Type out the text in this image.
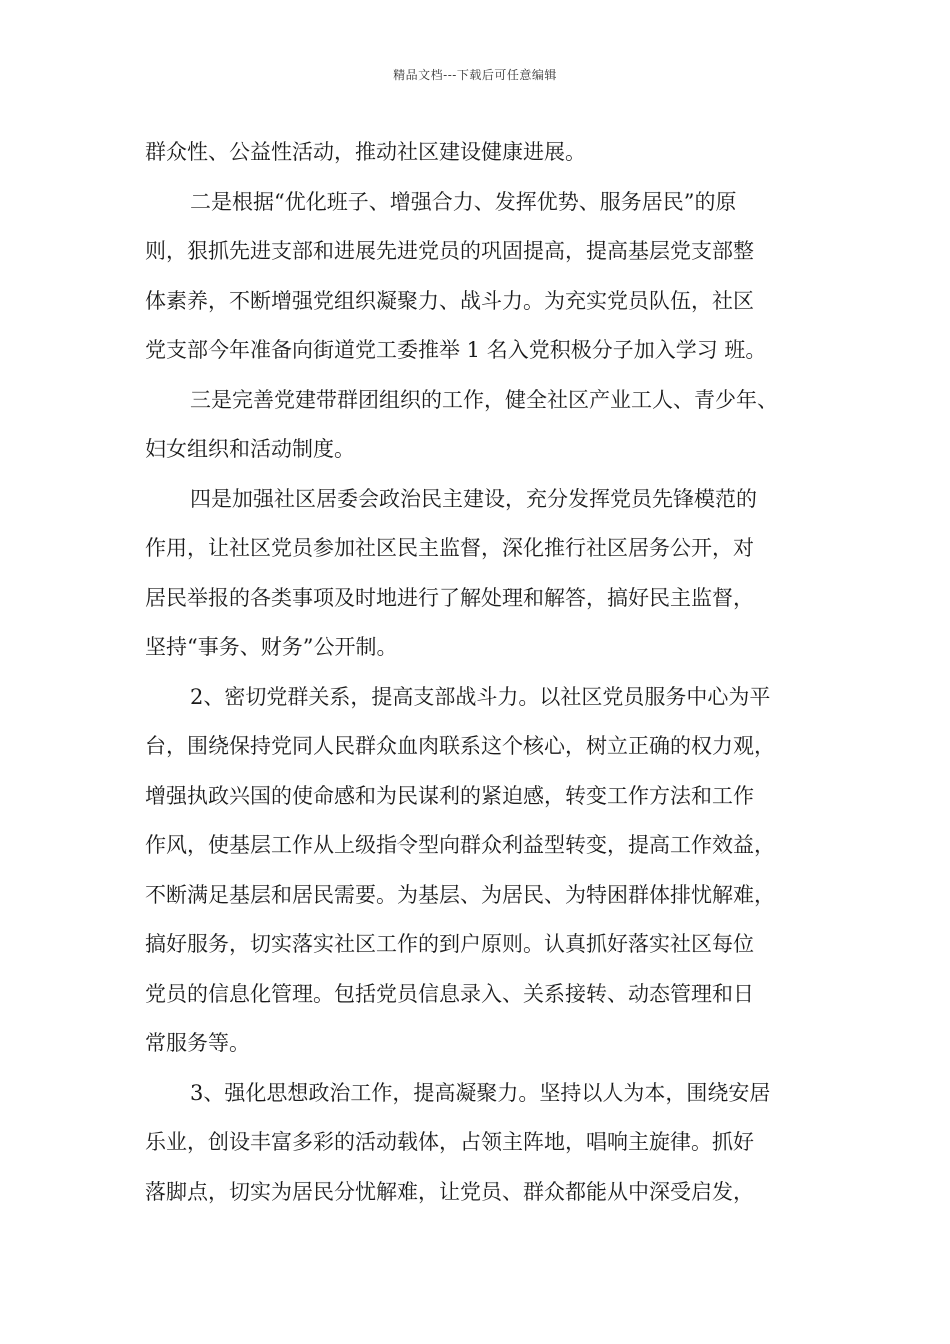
精品文档---下载后可任意编辑
群众性、公益性活动，推动社区建设健康进展。
二是根据“优化班子、增强合力、发挥优势、服务居民”的原
则，狠抓先进支部和进展先进党员的巩固提高，提高基层党支部整
体素养，不断增强党组织凝聚力、战斗力。为充实党员队伍，社区
党支部今年准备向街道党工委推举 1 名入党积极分子加入学习 班。
三是完善党建带群团组织的工作，健全社区产业工人、青少年、
妇女组织和活动制度。
四是加强社区居委会政治民主建设，充分发挥党员先锋模范的
作用，让社区党员参加社区民主监督，深化推行社区居务公开，对
居民举报的各类事项及时地进行了解处理和解答，搞好民主监督，
坚持“事务、财务”公开制。
2、密切党群关系，提高支部战斗力。以社区党员服务中心为平
台，围绕保持党同人民群众血肉联系这个核心，树立正确的权力观，
增强执政兴国的使命感和为民谋利的紧迫感，转变工作方法和工作
作风，使基层工作从上级指令型向群众利益型转变，提高工作效益，
不断满足基层和居民需要。为基层、为居民、为特困群体排忧解难，
搞好服务，切实落实社区工作的到户原则。认真抓好落实社区每位
党员的信息化管理。包括党员信息录入、关系接转、动态管理和日
常服务等。
3、强化思想政治工作，提高凝聚力。坚持以人为本，围绕安居
乐业，创设丰富多彩的活动载体，占领主阵地，唱响主旋律。抓好
落脚点，切实为居民分忧解难，让党员、群众都能从中深受启发，
